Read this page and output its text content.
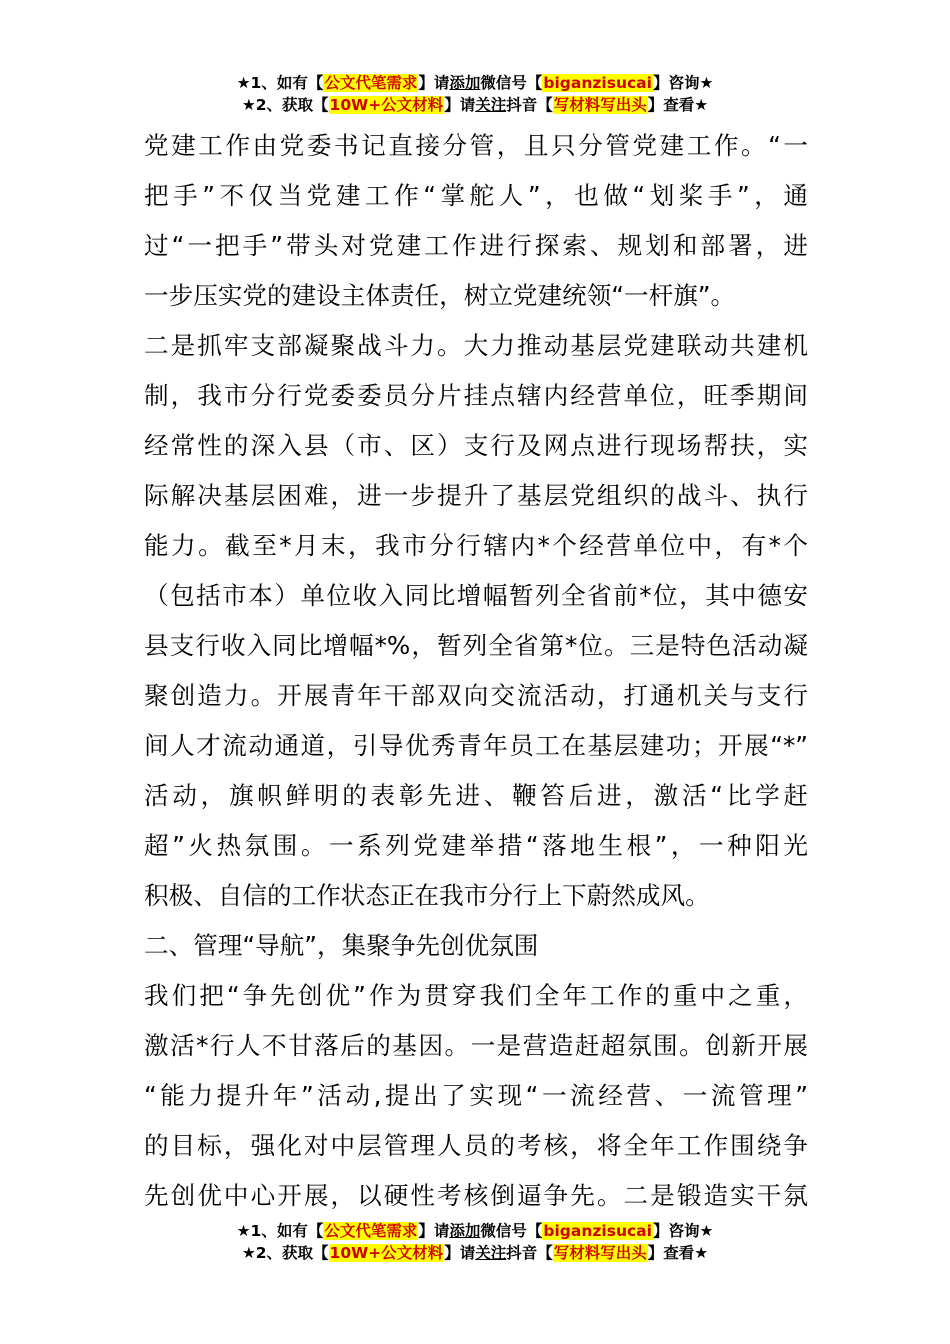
★1、如有【公文代笔需求】请添加微信号【biganzisucai】咨询★
★2、获取【10W+公文材料】请关注抖音【写材料写出头】查看★
党建工作由党委书记直接分管，且只分管党建工作。“一
把手”不仅当党建工作“掌舵人”，也做“划桨手”，通
过“一把手”带头对党建工作进行探索、规划和部署，进
一步压实党的建设主体责任，树立党建统领“一杆旗”。
二是抓牢支部凝聚战斗力。大力推动基层党建联动共建机
制，我市分行党委委员分片挂点辖内经营单位，旺季期间
经常性的深入县（市、区）支行及网点进行现场帮扶，实
际解决基层困难，进一步提升了基层党组织的战斗、执行
能力。截至*月末，我市分行辖内*个经营单位中，有*个
（包括市本）单位收入同比增幅暂列全省前*位，其中德安
县支行收入同比增幅*%，暂列全省第*位。三是特色活动凝
聚创造力。开展青年干部双向交流活动，打通机关与支行
间人才流动通道，引导优秀青年员工在基层建功；开展“*”
活动，旗帜鲜明的表彰先进、鞭笞后进，激活“比学赶
超”火热氛围。一系列党建举措“落地生根”，一种阳光
积极、自信的工作状态正在我市分行上下蔚然成风。
二、管理“导航”，集聚争先创优氛围
我们把“争先创优”作为贯穿我们全年工作的重中之重，
激活*行人不甘落后的基因。一是营造赶超氛围。创新开展
“能力提升年”活动,提出了实现“一流经营、一流管理”
的目标，强化对中层管理人员的考核，将全年工作围绕争
先创优中心开展，以硬性考核倒逼争先。二是锻造实干氛
★1、如有【公文代笔需求】请添加微信号【biganzisucai】咨询★
★2、获取【10W+公文材料】请关注抖音【写材料写出头】查看★
